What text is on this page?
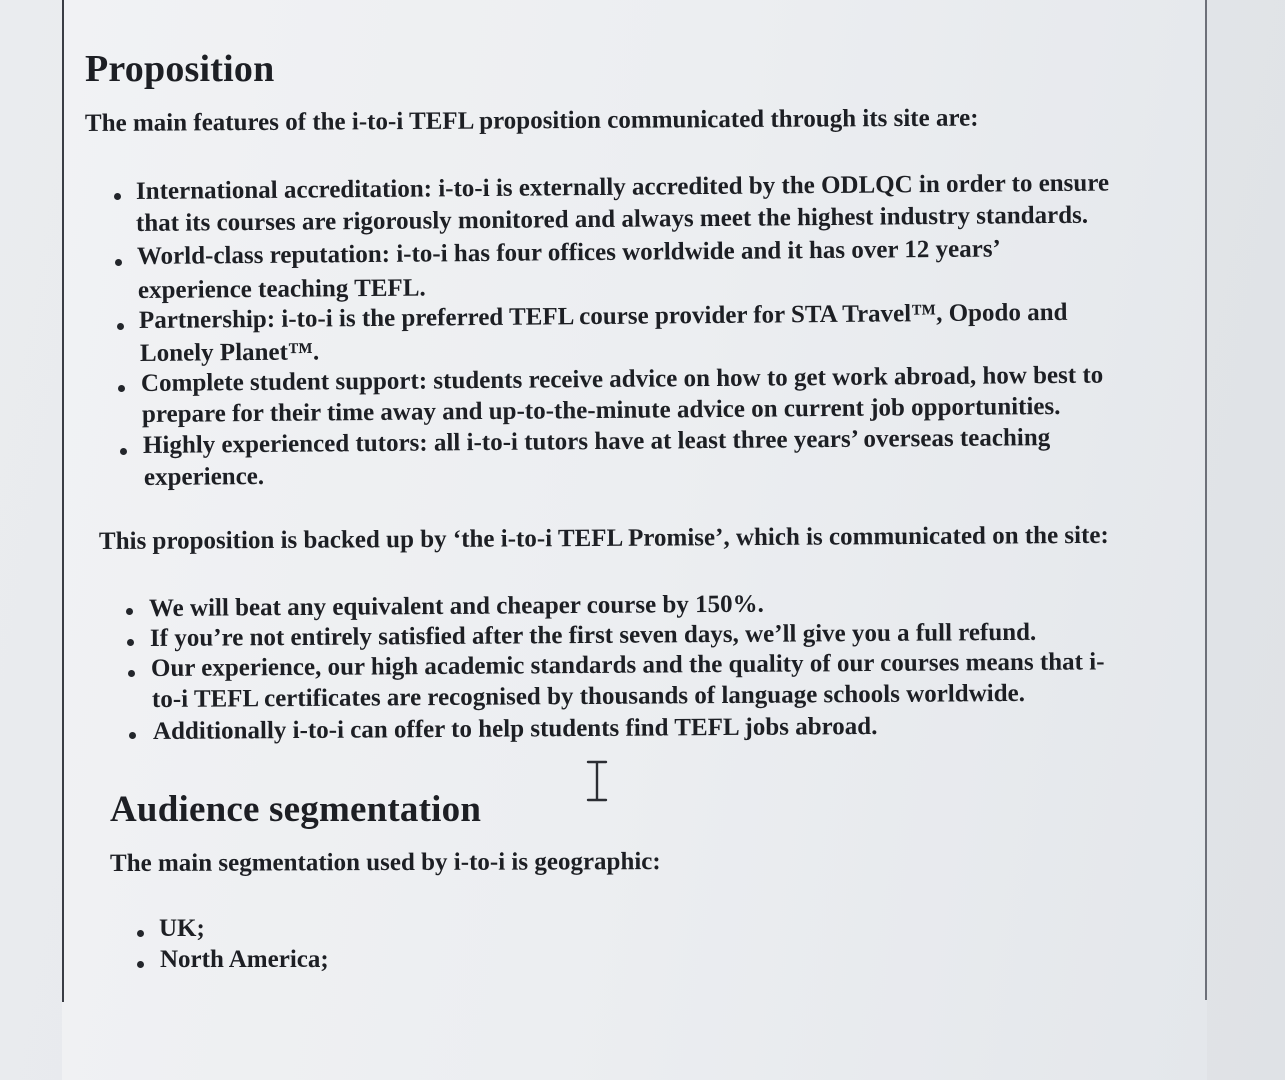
Proposition
The main features of the i-to-i TEFL proposition communicated through its site are:
International accreditation: i-to-i is externally accredited by the ODLQC in order to ensure
that its courses are rigorously monitored and always meet the highest industry standards.
World-class reputation: i-to-i has four offices worldwide and it has over 12 years’
experience teaching TEFL.
Partnership: i-to-i is the preferred TEFL course provider for STA Travel™, Opodo and
Lonely Planet™.
Complete student support: students receive advice on how to get work abroad, how best to
prepare for their time away and up-to-the-minute advice on current job opportunities.
Highly experienced tutors: all i-to-i tutors have at least three years’ overseas teaching
experience.
This proposition is backed up by ‘the i-to-i TEFL Promise’, which is communicated on the site:
We will beat any equivalent and cheaper course by 150%.
If you’re not entirely satisfied after the first seven days, we’ll give you a full refund.
Our experience, our high academic standards and the quality of our courses means that i-
to-i TEFL certificates are recognised by thousands of language schools worldwide.
Additionally i-to-i can offer to help students find TEFL jobs abroad.
Audience segmentation
The main segmentation used by i-to-i is geographic:
UK;
North America;
